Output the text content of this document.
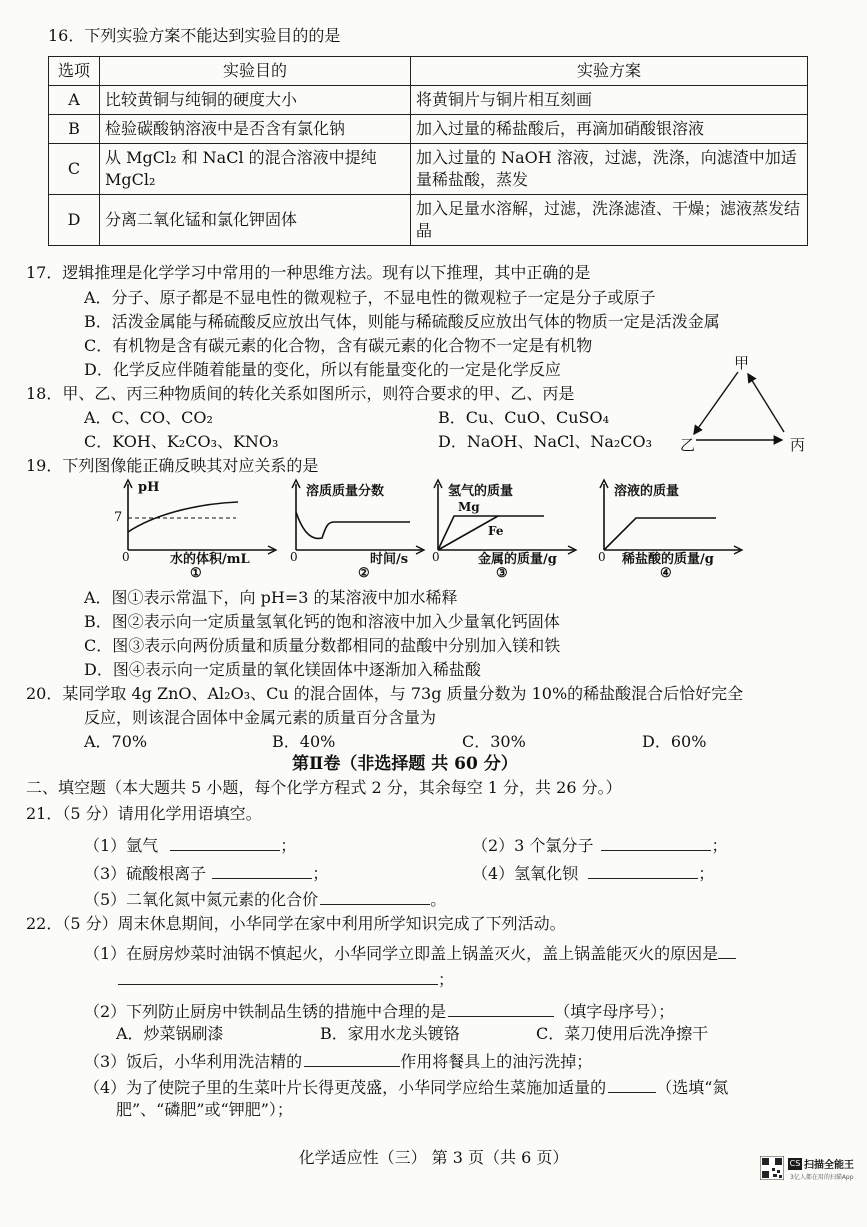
16．下列实验方案不能达到实验目的的是
选项	实验目的	实验方案
A	比较黄铜与纯铜的硬度大小	将黄铜片与铜片相互刻画
B	检验碳酸钠溶液中是否含有氯化钠	加入过量的稀盐酸后，再滴加硝酸银溶液
C	从 MgCl₂ 和 NaCl 的混合溶液中提纯 MgCl₂	加入过量的 NaOH 溶液，过滤，洗涤，向滤渣中加适量稀盐酸，蒸发
D	分离二氧化锰和氯化钾固体	加入足量水溶解，过滤，洗涤滤渣、干燥；滤液蒸发结晶
17．逻辑推理是化学学习中常用的一种思维方法。现有以下推理，其中正确的是
A．分子、原子都是不显电性的微观粒子，不显电性的微观粒子一定是分子或原子
B．活泼金属能与稀硫酸反应放出气体，则能与稀硫酸反应放出气体的物质一定是活泼金属
C．有机物是含有碳元素的化合物，含有碳元素的化合物不一定是有机物
D．化学反应伴随着能量的变化，所以有能量变化的一定是化学反应
18．甲、乙、丙三种物质间的转化关系如图所示，则符合要求的甲、乙、丙是
A．C、CO、CO₂	B．Cu、CuO、CuSO₄
C．KOH、K₂CO₃、KNO₃	D．NaOH、NaCl、Na₂CO₃
甲
乙	丙
19．下列图像能正确反映其对应关系的是
pH
7
0	水的体积/mL
①
溶质质量分数
0	时间/s
②
氢气的质量
Mg
Fe
0	金属的质量/g
③
溶液的质量
0 稀盐酸的质量/g
④
A．图①表示常温下，向 pH=3 的某溶液中加水稀释
B．图②表示向一定质量氢氧化钙的饱和溶液中加入少量氧化钙固体
C．图③表示向两份质量和质量分数都相同的盐酸中分别加入镁和铁
D．图④表示向一定质量的氧化镁固体中逐渐加入稀盐酸
20．某同学取 4g ZnO、Al₂O₃、Cu 的混合固体，与 73g 质量分数为 10%的稀盐酸混合后恰好完全
反应，则该混合固体中金属元素的质量百分含量为
A．70%	B．40%	C．30%	D．60%
第Ⅱ卷（非选择题 共 60 分）
二、填空题（本大题共 5 小题，每个化学方程式 2 分，其余每空 1 分，共 26 分。）
21．（5 分）请用化学用语填空。
（1）氩气	；	（2）3 个氯分子	；
（3）硫酸根离子	；	（4）氢氧化钡	；
（5）二氧化氮中氮元素的化合价	。
22．（5 分）周末休息期间，小华同学在家中利用所学知识完成了下列活动。
（1）在厨房炒菜时油锅不慎起火，小华同学立即盖上锅盖灭火，盖上锅盖能灭火的原因是
；
（2）下列防止厨房中铁制品生锈的措施中合理的是	（填字母序号）；
A．炒菜锅刷漆	B．家用水龙头镀铬	C．菜刀使用后洗净擦干
（3）饭后，小华利用洗洁精的	作用将餐具上的油污洗掉；
（4）为了使院子里的生菜叶片长得更茂盛，小华同学应给生菜施加适量的	（选填“氮
肥”、“磷肥”或“钾肥”）；
化学适应性（三） 第 3 页（共 6 页）	CS 扫描全能王
3亿人都在用的扫描App
